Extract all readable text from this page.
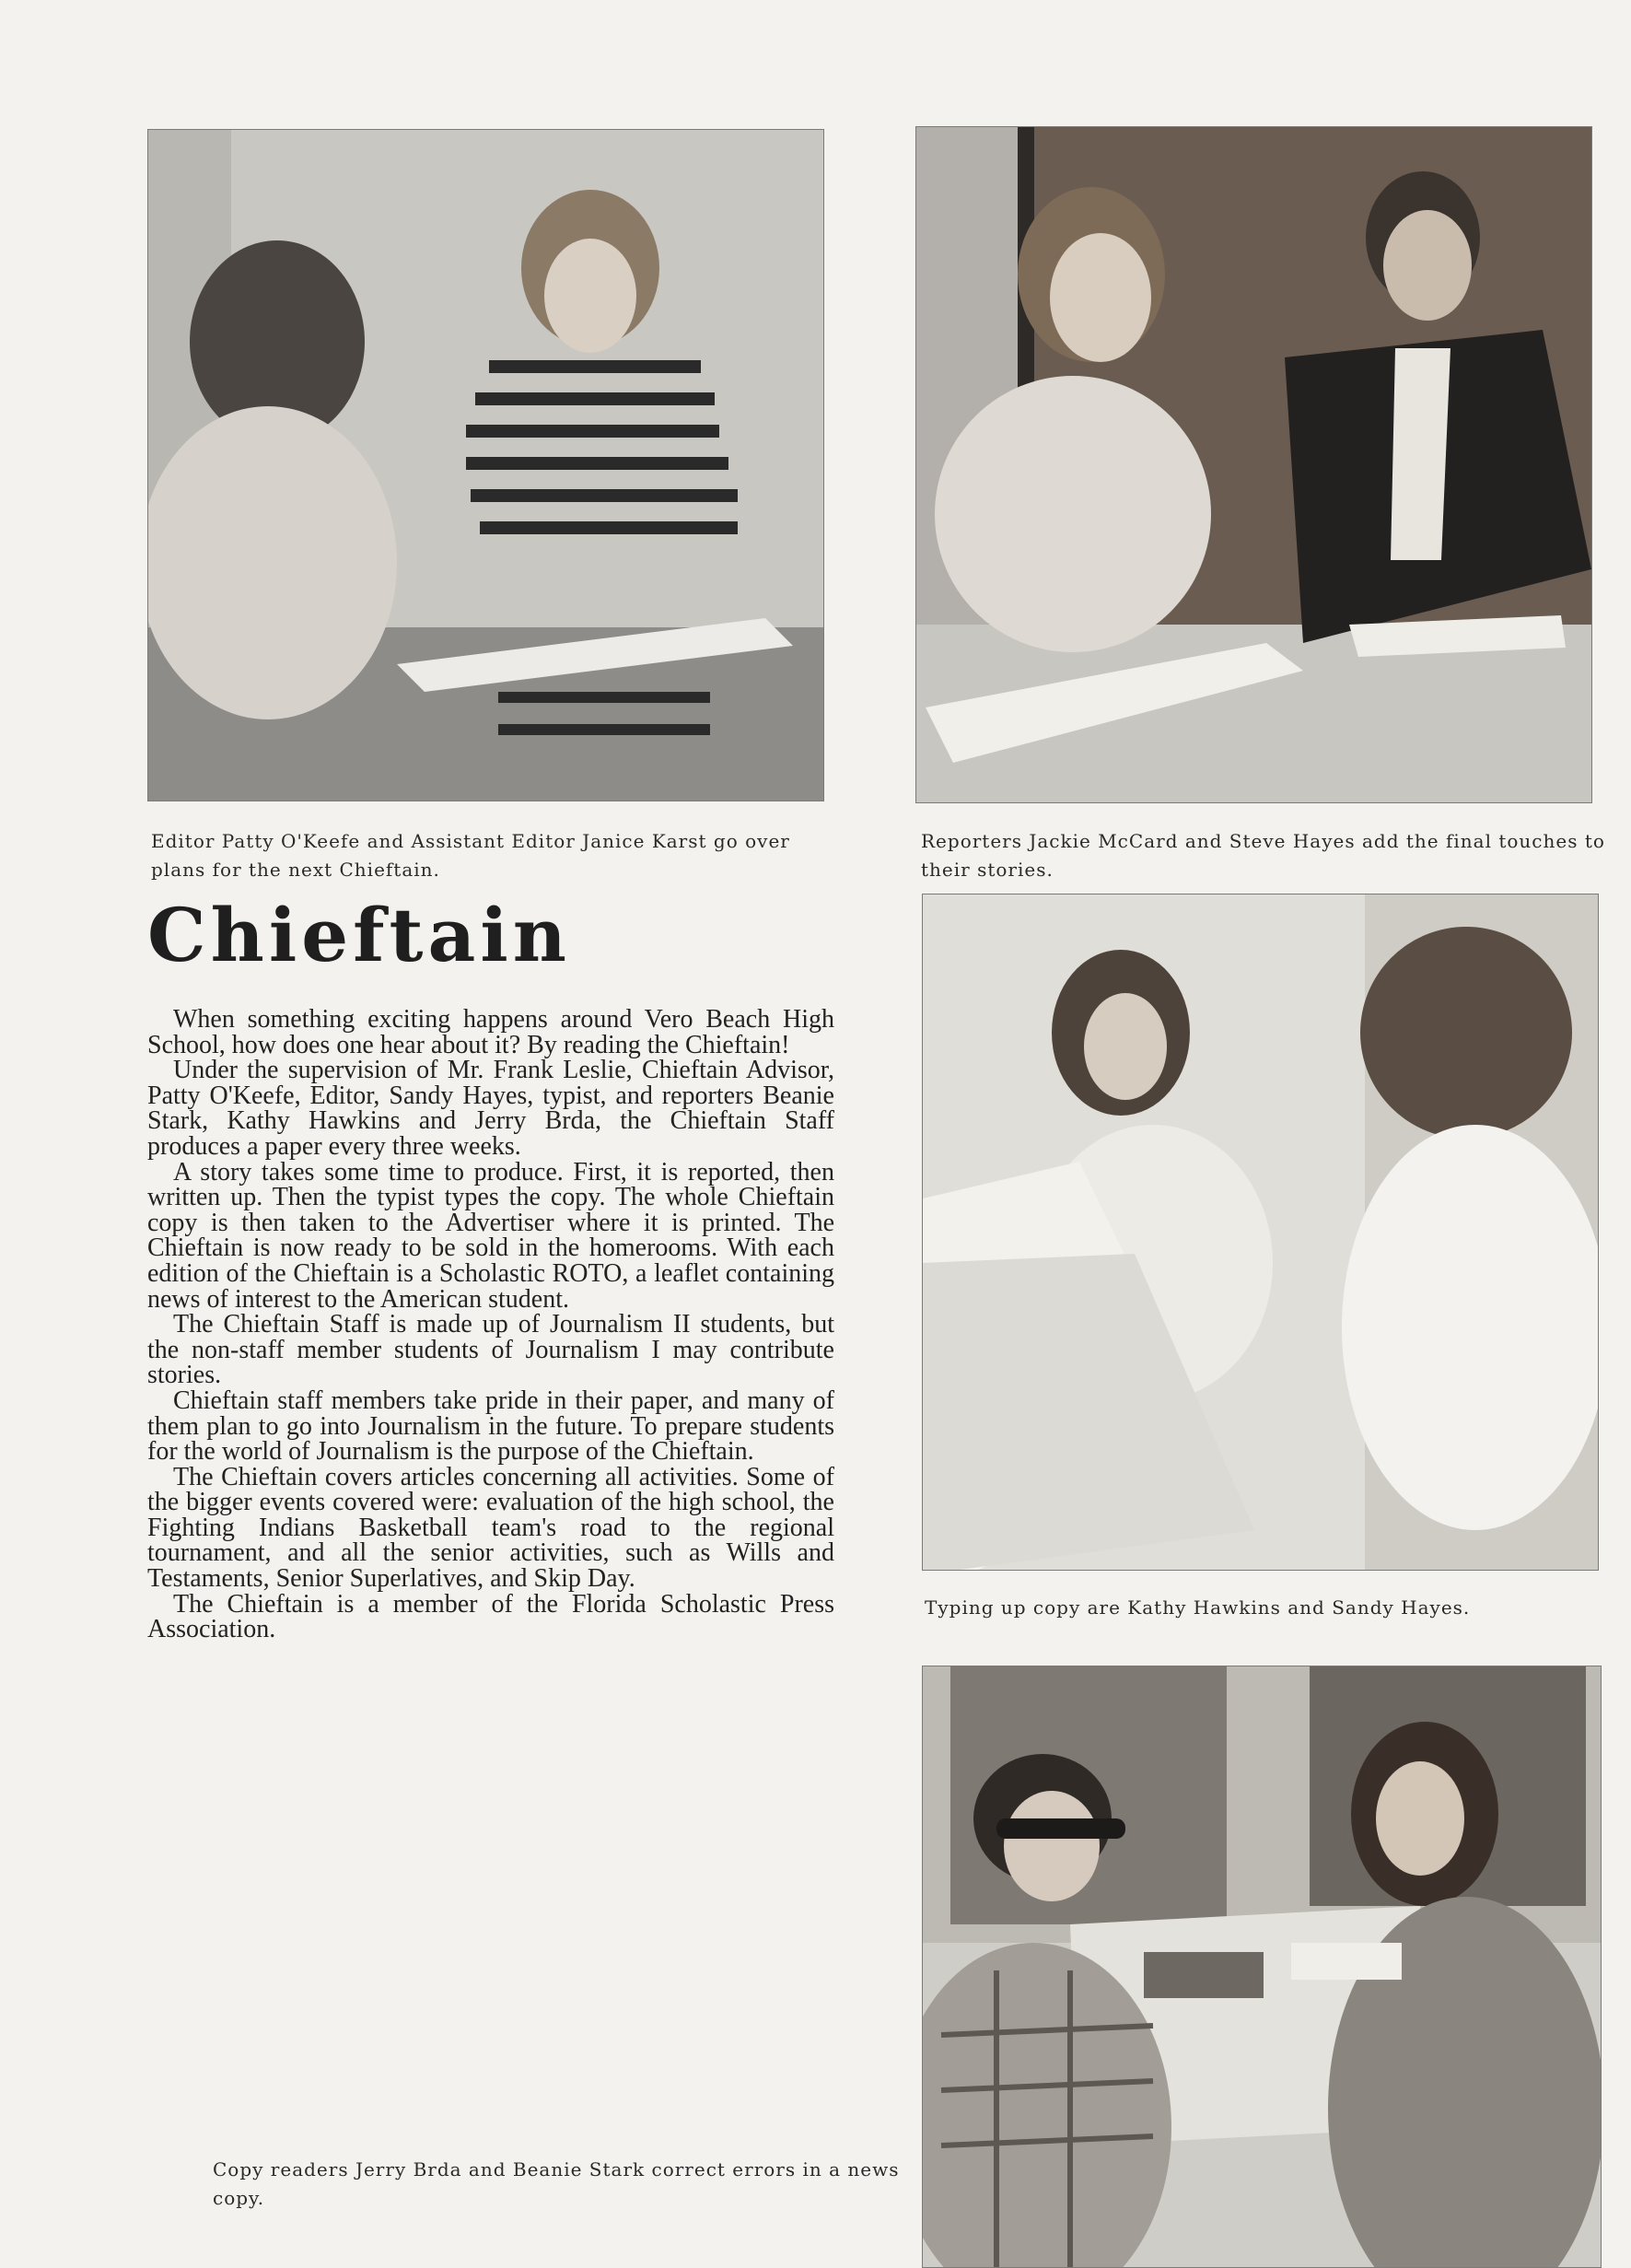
Editor Patty O'Keefe and Assistant Editor Janice Karst go over plans for the next Chieftain.
Reporters Jackie McCard and Steve Hayes add the final touches to their stories.
Typing up copy are Kathy Hawkins and Sandy Hayes.
Copy readers Jerry Brda and Beanie Stark correct errors in a news copy.
Chieftain

When something exciting happens around Vero Beach High School, how does one hear about it? By reading the Chieftain!

Under the supervision of Mr. Frank Leslie, Chieftain Advisor, Patty O'Keefe, Editor, Sandy Hayes, typist, and reporters Beanie Stark, Kathy Hawkins and Jerry Brda, the Chieftain Staff produces a paper every three weeks.

A story takes some time to produce. First, it is reported, then written up. Then the typist types the copy. The whole Chieftain copy is then taken to the Advertiser where it is printed. The Chieftain is now ready to be sold in the homerooms. With each edition of the Chieftain is a Scholastic ROTO, a leaflet containing news of interest to the American student.

The Chieftain Staff is made up of Journalism II students, but the non-staff member students of Journalism I may contribute stories.

Chieftain staff members take pride in their paper, and many of them plan to go into Journalism in the future. To prepare students for the world of Journalism is the purpose of the Chieftain.

The Chieftain covers articles concerning all activities. Some of the bigger events covered were: evaluation of the high school, the Fighting Indians Basketball team's road to the regional tournament, and all the senior activities, such as Wills and Testaments, Senior Superlatives, and Skip Day.

The Chieftain is a member of the Florida Scholastic Press Association.
